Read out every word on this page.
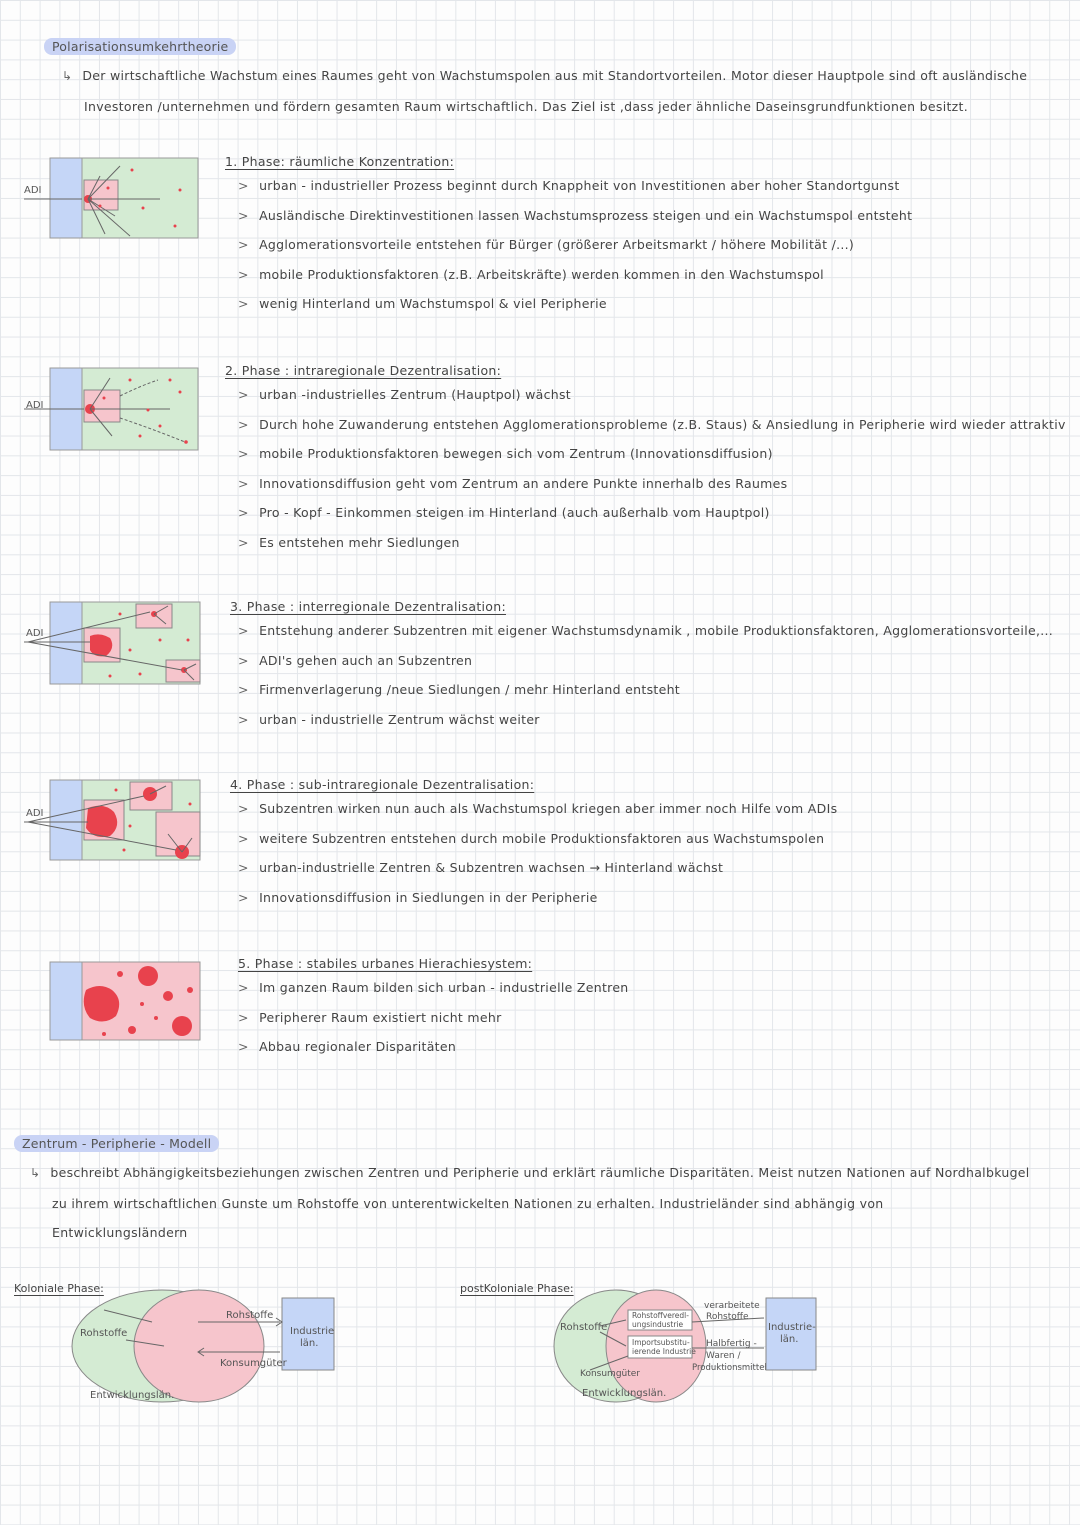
Polarisationsumkehrtheorie
↳ Der wirtschaftliche Wachstum eines Raumes geht von Wachstumspolen aus mit Standortvorteilen. Motor dieser Hauptpole sind oft ausländische
Investoren /unternehmen und fördern gesamten Raum wirtschaftlich. Das Ziel ist ,dass jeder ähnliche Daseinsgrundfunktionen besitzt.
ADI
1. Phase: räumliche Konzentration:
> urban - industrieller Prozess beginnt durch Knappheit von Investitionen aber hoher Standortgunst
> Ausländische Direktinvestitionen lassen Wachstumsprozess steigen und ein Wachstumspol entsteht
> Agglomerationsvorteile entstehen für Bürger (größerer Arbeitsmarkt / höhere Mobilität /...)
> mobile Produktionsfaktoren (z.B. Arbeitskräfte) werden kommen in den Wachstumspol
> wenig Hinterland um Wachstumspol & viel Peripherie
ADI
2. Phase : intraregionale Dezentralisation:
> urban -industrielles Zentrum (Hauptpol) wächst
> Durch hohe Zuwanderung entstehen Agglomerationsprobleme (z.B. Staus) & Ansiedlung in Peripherie wird wieder attraktiv
> mobile Produktionsfaktoren bewegen sich vom Zentrum (Innovationsdiffusion)
> Innovationsdiffusion geht vom Zentrum an andere Punkte innerhalb des Raumes
> Pro - Kopf - Einkommen steigen im Hinterland (auch außerhalb vom Hauptpol)
> Es entstehen mehr Siedlungen
ADI
3. Phase : interregionale Dezentralisation:
> Entstehung anderer Subzentren mit eigener Wachstumsdynamik , mobile Produktionsfaktoren, Agglomerationsvorteile,...
> ADI's gehen auch an Subzentren
> Firmenverlagerung /neue Siedlungen / mehr Hinterland entsteht
> urban - industrielle Zentrum wächst weiter
ADI
4. Phase : sub-intraregionale Dezentralisation:
> Subzentren wirken nun auch als Wachstumspol kriegen aber immer noch Hilfe vom ADIs
> weitere Subzentren entstehen durch mobile Produktionsfaktoren aus Wachstumspolen
> urban-industrielle Zentren & Subzentren wachsen → Hinterland wächst
> Innovationsdiffusion in Siedlungen in der Peripherie
5. Phase : stabiles urbanes Hierachiesystem:
> Im ganzen Raum bilden sich urban - industrielle Zentren
> Peripherer Raum existiert nicht mehr
> Abbau regionaler Disparitäten
Zentrum - Peripherie - Modell
↳ beschreibt Abhängigkeitsbeziehungen zwischen Zentren und Peripherie und erklärt räumliche Disparitäten. Meist nutzen Nationen auf Nordhalbkugel
zu ihrem wirtschaftlichen Gunste um Rohstoffe von unterentwickelten Nationen zu erhalten. Industrieländer sind abhängig von
Entwicklungsländern
Kolonialе Phase:
Rohstoffe
Rohstoffe
Konsumgüter
Industrie
län.
Entwicklungslän.
postKoloniale Phase:
Rohstoffe
Rohstoffveredl-
ungsindustrie
Importsubstitu-
ierende Industrie
verarbeitete
Rohstoffe
Halbfertig -
Waren /
Produktionsmittel
Konsumgüter
Industrie-
län.
Entwicklungslän.
